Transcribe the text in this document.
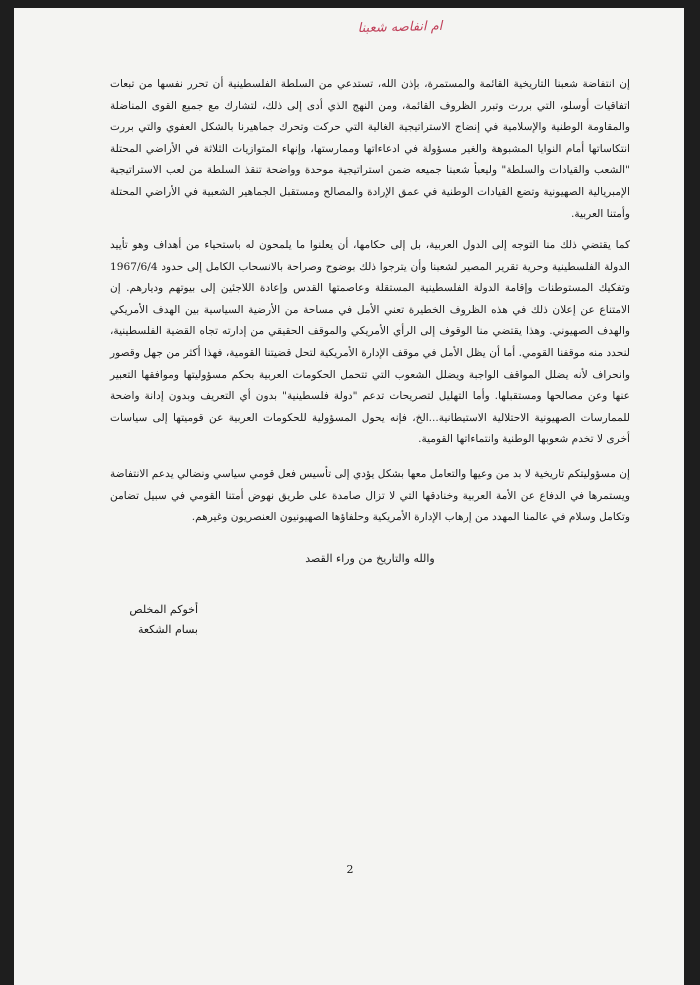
ام انفاصه شعبنا

إن انتفاضة شعبنا التاريخية القائمة والمستمرة، بإذن الله، تستدعي من السلطة الفلسطينية أن تحرر نفسها من تبعات اتفاقيات أوسلو، التي بررت وتبرر الظروف القائمة، ومن النهج الذي أدى إلى ذلك، لتشارك مع جميع القوى المناضلة والمقاومة الوطنية والإسلامية في إنضاج الاستراتيجية الغالية التي حركت وتحرك جماهيرنا بالشكل العفوي والتي بررت انتكاساتها أمام النوايا المشبوهة والغير مسؤولة في ادعاءاتها وممارستها، وإنهاء المتوازيات الثلاثة في الأراضي المحتلة "الشعب والقيادات والسلطة" وليعبأ شعبنا جميعه ضمن استراتيجية موحدة وواضحة تنقذ السلطة من لعب الاستراتيجية الإمبريالية الصهيونية وتضع القيادات الوطنية في عمق الإرادة والمصالح ومستقبل الجماهير الشعبية في الأراضي المحتلة وأمتنا العربية.

كما يقتضي ذلك منا التوجه إلى الدول العربية، بل إلى حكامها، أن يعلنوا ما يلمحون له باستحياء من أهداف وهو تأييد الدولة الفلسطينية وحرية تقرير المصير لشعبنا وأن يترجوا ذلك بوضوح وصراحة بالانسحاب الكامل إلى حدود 1967/6/4 وتفكيك المستوطنات وإقامة الدولة الفلسطينية المستقلة وعاصمتها القدس وإعادة اللاجئين إلى بيوتهم وديارهم. إن الامتناع عن إعلان ذلك في هذه الظروف الخطيرة تعني الأمل في مساحة من الأرضية السياسية بين الهدف الأمريكي والهدف الصهيوني. وهذا يقتضي منا الوقوف إلى الرأي الأمريكي والموقف الحقيقي من إدارته تجاه القضية الفلسطينية، لنحدد منه موقفنا القومي. أما أن يظل الأمل في موقف الإدارة الأمريكية لتحل قضيتنا القومية، فهذا أكثر من جهل وقصور وانحراف لأنه يضلل المواقف الواجبة ويضلل الشعوب التي تتحمل الحكومات العربية بحكم مسؤوليتها وموافقها التعبير عنها وعن مصالحها ومستقبلها. وأما التهليل لتصريحات تدعم "دولة فلسطينية" بدون أي التعريف وبدون إدانة واضحة للممارسات الصهيونية الاحتلالية الاستيطانية...الخ، فإنه يحول المسؤولية للحكومات العربية عن قوميتها إلى سياسات أخرى لا تخدم شعوبها الوطنية وانتماءاتها القومية.

إن مسؤوليتكم تاريخية لا بد من وعيها والتعامل معها بشكل يؤدي إلى تأسيس فعل قومي سياسي ونضالي يدعم الانتفاضة ويستمرها في الدفاع عن الأمة العربية وخنادقها التي لا تزال صامدة على طريق نهوض أمتنا القومي في سبيل تضامن وتكامل وسلام في عالمنا المهدد من إرهاب الإدارة الأمريكية وحلفاؤها الصهيونيون العنصريون وغيرهم.

والله والتاريخ من وراء القصد
أخوكم المخلص
بسام الشكعة
2
